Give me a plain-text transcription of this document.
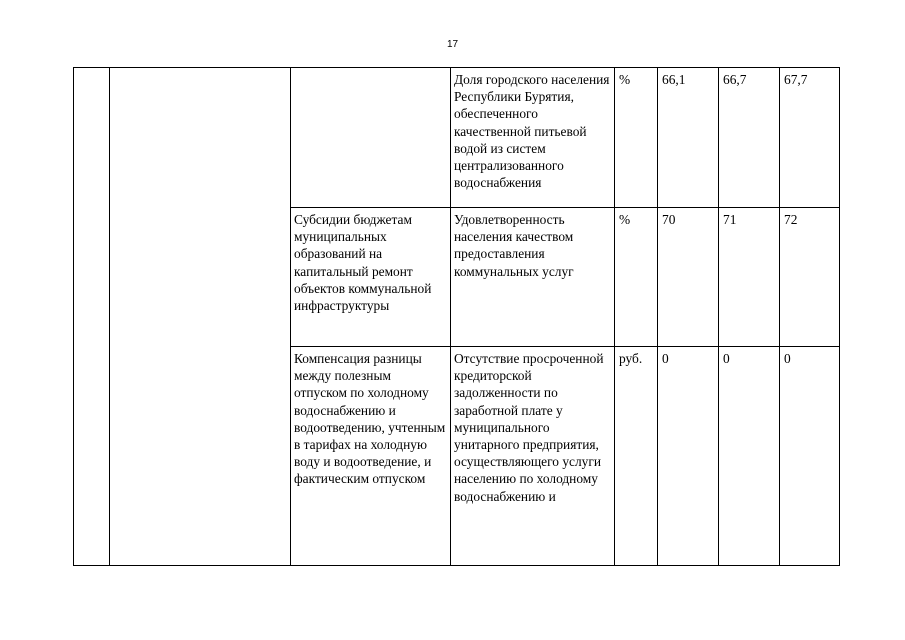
17
			Доля городского населения Республики Бурятия, обеспеченного качественной питьевой водой из систем централизованного водоснабжения	%	66,1	66,7	67,7
		Субсидии бюджетам муниципальных образований на капитальный ремонт объектов коммунальной инфраструктуры	Удовлетворенность населения качеством предоставления коммунальных услуг	%	70	71	72
		Компенсация разницы между полезным отпуском по холодному водоснабжению и водоотведению, учтенным в тарифах на холодную воду и водоотведение, и фактическим отпуском	Отсутствие просроченной кредиторской задолженности по заработной плате у муниципального унитарного предприятия, осуществляющего услуги населению по холодному водоснабжению и	руб.	0	0	0
